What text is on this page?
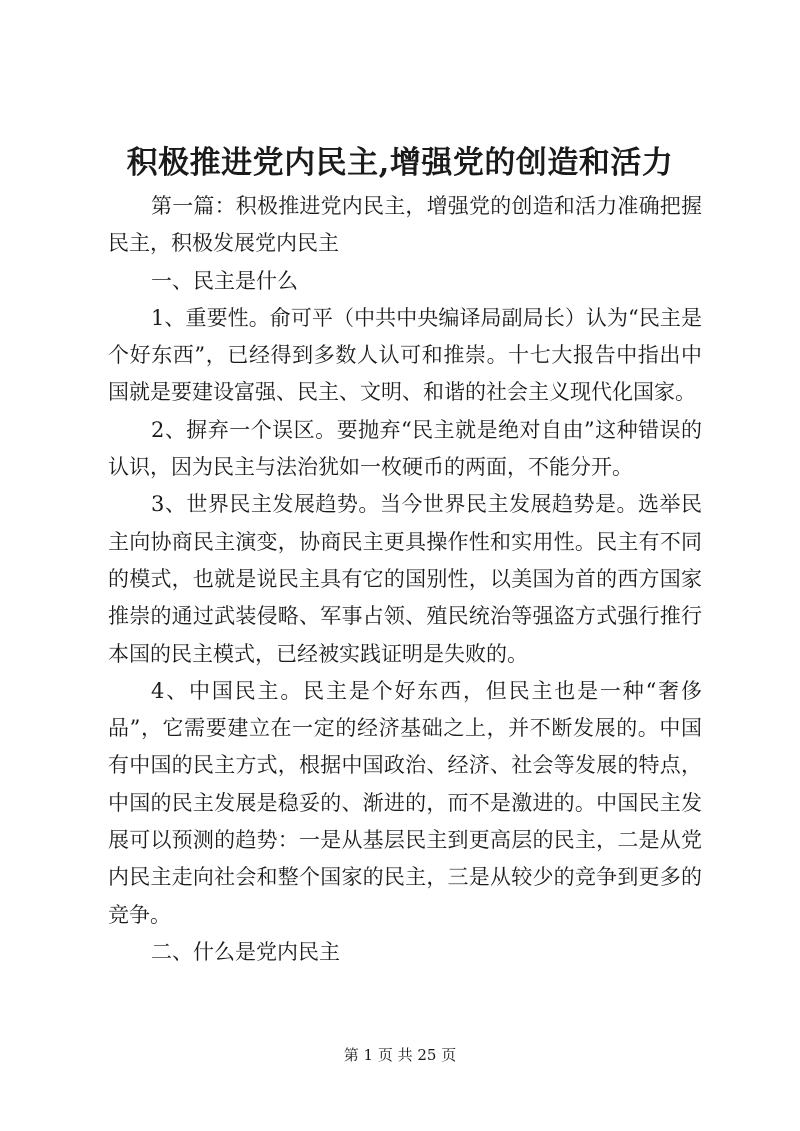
积极推进党内民主,增强党的创造和活力

第一篇：积极推进党内民主，增强党的创造和活力准确把握民主，积极发展党内民主

一、民主是什么

1、重要性。俞可平（中共中央编译局副局长）认为“民主是个好东西”，已经得到多数人认可和推崇。十七大报告中指出中国就是要建设富强、民主、文明、和谐的社会主义现代化国家。

2、摒弃一个误区。要抛弃“民主就是绝对自由”这种错误的认识，因为民主与法治犹如一枚硬币的两面，不能分开。

3、世界民主发展趋势。当今世界民主发展趋势是。选举民主向协商民主演变，协商民主更具操作性和实用性。民主有不同的模式，也就是说民主具有它的国别性，以美国为首的西方国家推崇的通过武装侵略、军事占领、殖民统治等强盗方式强行推行本国的民主模式，已经被实践证明是失败的。

4、中国民主。民主是个好东西，但民主也是一种“奢侈品”，它需要建立在一定的经济基础之上，并不断发展的。中国有中国的民主方式，根据中国政治、经济、社会等发展的特点，中国的民主发展是稳妥的、渐进的，而不是激进的。中国民主发展可以预测的趋势：一是从基层民主到更高层的民主，二是从党内民主走向社会和整个国家的民主，三是从较少的竞争到更多的竞争。

二、什么是党内民主

第 1 页 共 25 页
